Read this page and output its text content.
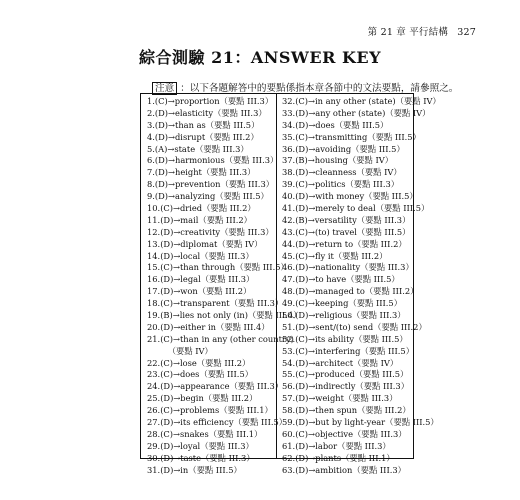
第 21 章 平行結構 327
綜合測驗 21：ANSWER KEY
注意 ：以下各題解答中的要點係指本章各節中的文法要點，請參照之。
1.(C)→proportion（要點 III.3）
2.(D)→elasticity（要點 III.3）
3.(D)→than as（要點 III.5）
4.(D)→disrupt（要點 III.2）
5.(A)→state（要點 III.3）
6.(D)→harmonious（要點 III.3）
7.(D)→height（要點 III.3）
8.(D)→prevention（要點 III.3）
9.(D)→analyzing（要點 III.5）
10.(C)→dried（要點 III.2）
11.(D)→mail（要點 III.2）
12.(D)→creativity（要點 III.3）
13.(D)→diplomat（要點 IV）
14.(D)→local（要點 III.3）
15.(C)→than through（要點 III.5）
16.(D)→legal（要點 III.3）
17.(D)→won（要點 III.2）
18.(C)→transparent（要點 III.3）
19.(B)→lies not only (in)（要點 III.4）
20.(D)→either in（要點 III.4）
21.(C)→than in any (other country)
　　　（要點 IV）
22.(C)→lose（要點 III.2）
23.(C)→does（要點 III.5）
24.(D)→appearance（要點 III.3）
25.(D)→begin（要點 III.2）
26.(C)→problems（要點 III.1）
27.(D)→its efficiency（要點 III.5）
28.(C)→snakes（要點 III.1）
29.(D)→loyal（要點 III.3）
30.(D)→taste（要點 III.3）
31.(D)→in（要點 III.5）
32.(C)→in any other (state)（要點 IV）
33.(D)→any other (state)（要點 IV）
34.(D)→does（要點 III.5）
35.(C)→transmitting（要點 III.5）
36.(D)→avoiding（要點 III.5）
37.(B)→housing（要點 IV）
38.(D)→cleanness（要點 IV）
39.(C)→politics（要點 III.3）
40.(D)→with money（要點 III.5）
41.(D)→merely to deal（要點 III.5）
42.(B)→versatility（要點 III.3）
43.(C)→(to) travel（要點 III.5）
44.(D)→return to（要點 III.2）
45.(C)→fly it（要點 III.2）
46.(D)→nationality（要點 III.3）
47.(D)→to have（要點 III.5）
48.(D)→managed to（要點 III.2）
49.(C)→keeping（要點 III.5）
50.(D)→religious（要點 III.3）
51.(D)→sent/(to) send（要點 III.2）
52.(C)→its ability（要點 III.5）
53.(C)→interfering（要點 III.5）
54.(D)→architect（要點 IV）
55.(C)→produced（要點 III.5）
56.(D)→indirectly（要點 III.3）
57.(D)→weight（要點 III.3）
58.(D)→then spun（要點 III.2）
59.(D)→but by light-year（要點 III.5）
60.(C)→objective（要點 III.3）
61.(D)→labor（要點 III.3）
62.(D)→plants（要點 III.1）
63.(D)→ambition（要點 III.3）
